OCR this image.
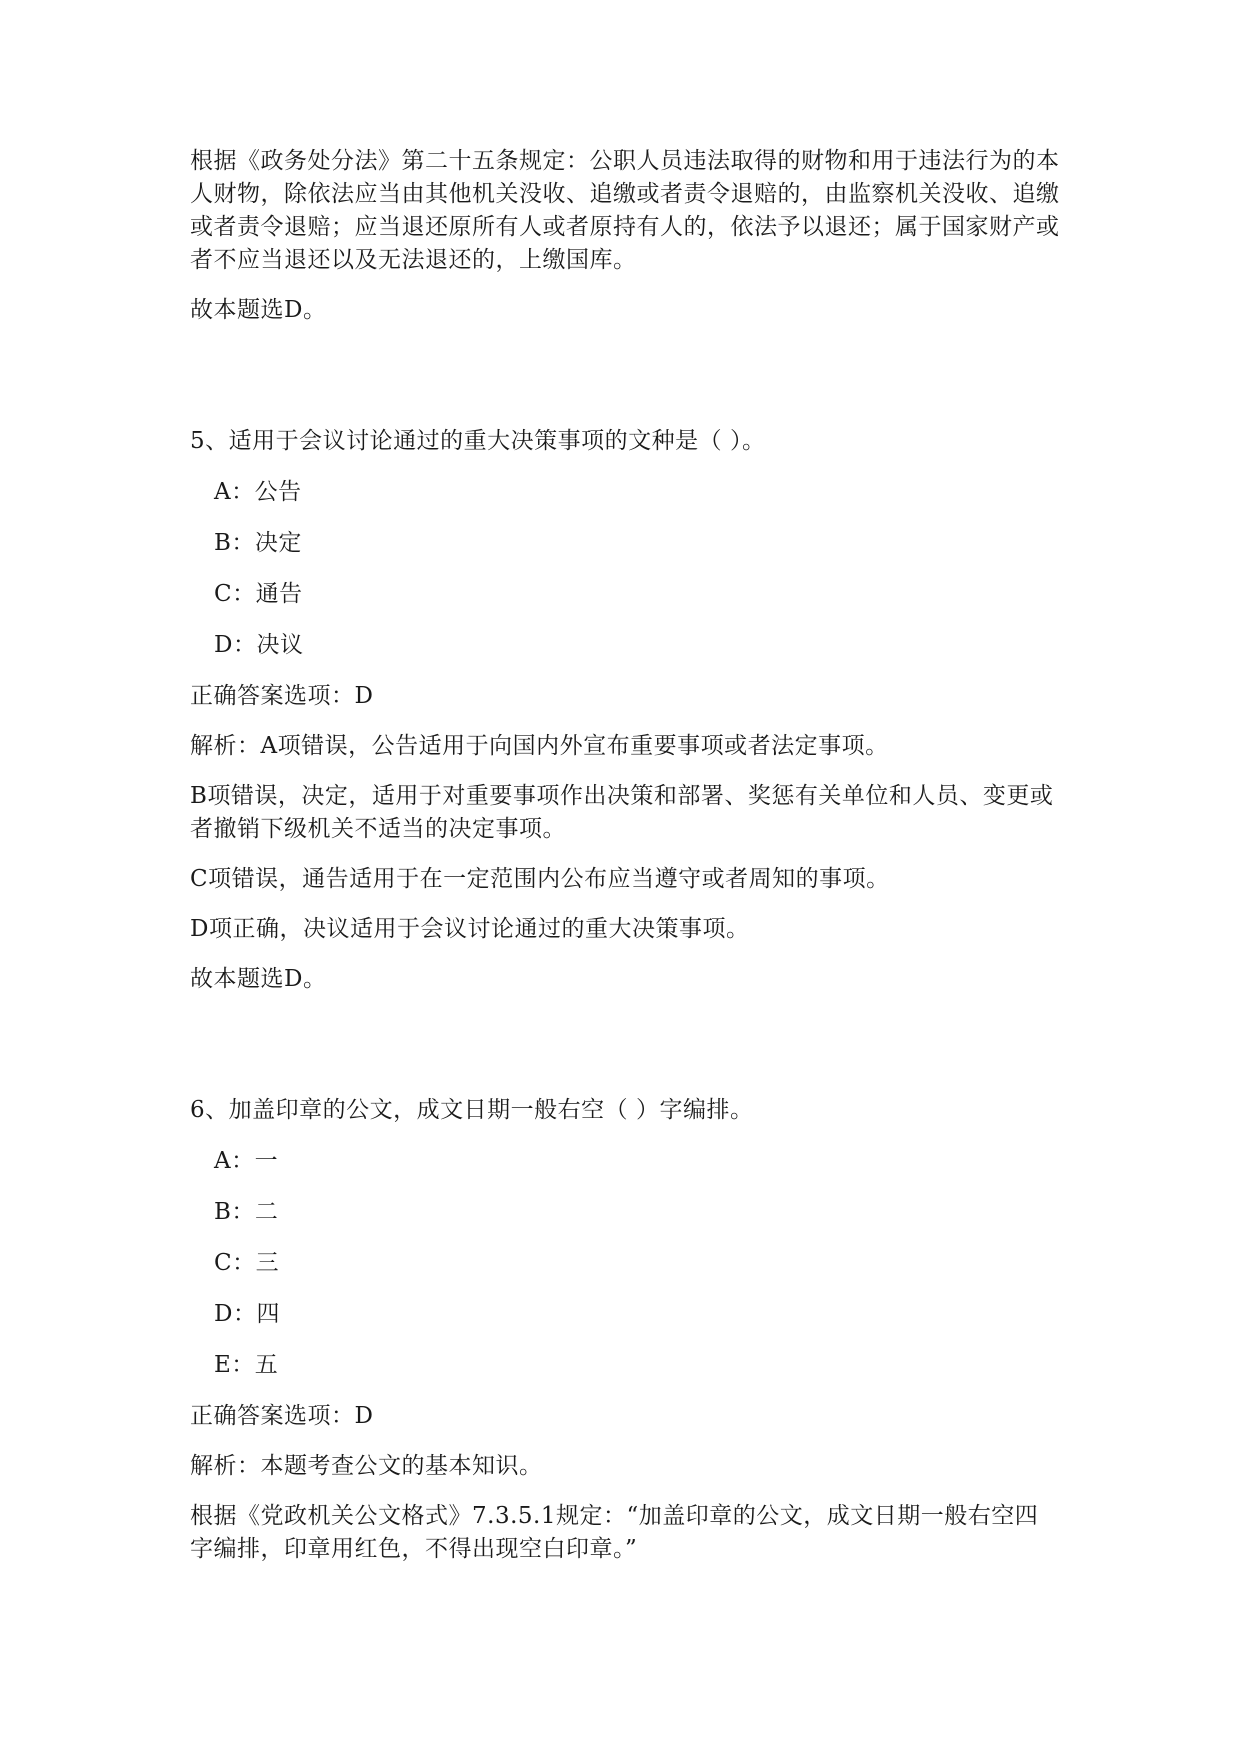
根据《政务处分法》第二十五条规定：公职人员违法取得的财物和用于违法行为的本人财物，除依法应当由其他机关没收、追缴或者责令退赔的，由监察机关没收、追缴或者责令退赔；应当退还原所有人或者原持有人的，依法予以退还；属于国家财产或者不应当退还以及无法退还的，上缴国库。

故本题选D。

5、适用于会议讨论通过的重大决策事项的文种是（ ）。

A：公告

B：决定

C：通告

D：决议

正确答案选项：D

解析：A项错误，公告适用于向国内外宣布重要事项或者法定事项。

B项错误，决定，适用于对重要事项作出决策和部署、奖惩有关单位和人员、变更或者撤销下级机关不适当的决定事项。

C项错误，通告适用于在一定范围内公布应当遵守或者周知的事项。

D项正确，决议适用于会议讨论通过的重大决策事项。

故本题选D。

6、加盖印章的公文，成文日期一般右空（ ）字编排。

A：一

B：二

C：三

D：四

E：五

正确答案选项：D

解析：本题考查公文的基本知识。

根据《党政机关公文格式》7.3.5.1规定：“加盖印章的公文，成文日期一般右空四字编排，印章用红色，不得出现空白印章。”
